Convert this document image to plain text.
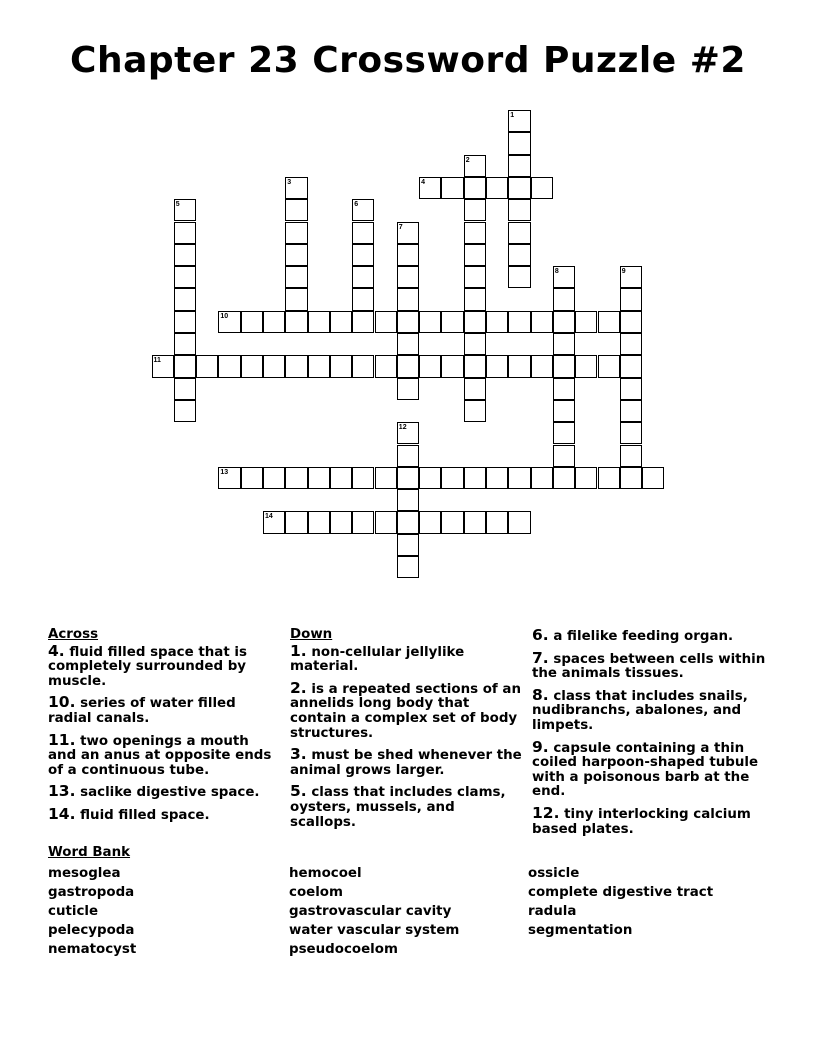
Chapter 23 Crossword Puzzle #2
1
2
3	4
5	6
7
8	9
10
11
12
13
14
Across
4. fluid filled space that is completely surrounded by muscle.
10. series of water filled radial canals.
11. two openings a mouth and an anus at opposite ends of a continuous tube.
13. saclike digestive space.
14. fluid filled space.
Down
1. non-cellular jellylike material.
2. is a repeated sections of an annelids long body that contain a complex set of body structures.
3. must be shed whenever the animal grows larger.
5. class that includes clams, oysters, mussels, and scallops.
6. a filelike feeding organ.
7. spaces between cells within the animals tissues.
8. class that includes snails, nudibranchs, abalones, and limpets.
9. capsule containing a thin coiled harpoon-shaped tubule with a poisonous barb at the end.
12. tiny interlocking calcium based plates.
Word Bank
mesoglea
gastropoda
cuticle
pelecypoda
nematocyst
hemocoel
coelom
gastrovascular cavity
water vascular system
pseudocoelom
ossicle
complete digestive tract
radula
segmentation
